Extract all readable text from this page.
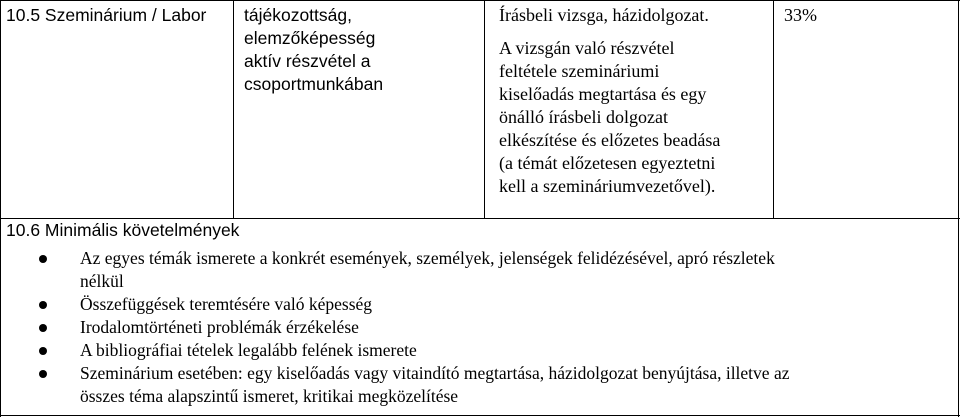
10.5 Szeminárium / Labor tájékozottság,
elemzőképesség
aktív részvétel a
csoportmunkában
Írásbeli vizsga, házidolgozat.
A vizsgán való részvétel
feltétele szemináriumi
kiselőadás megtartása és egy
önálló írásbeli dolgozat
elkészítése és előzetes beadása
(a témát előzetesen egyeztetni
kell a szemináriumvezetővel).
33%
10.6 Minimális követelmények
Az egyes témák ismerete a konkrét események, személyek, jelenségek felidézésével, apró részletek
nélkül
Összefüggések teremtésére való képesség
Irodalomtörténeti problémák érzékelése
A bibliográfiai tételek legalább felének ismerete
Szeminárium esetében: egy kiselőadás vagy vitaindító megtartása, házidolgozat benyújtása, illetve az
összes téma alapszintű ismeret, kritikai megközelítése
